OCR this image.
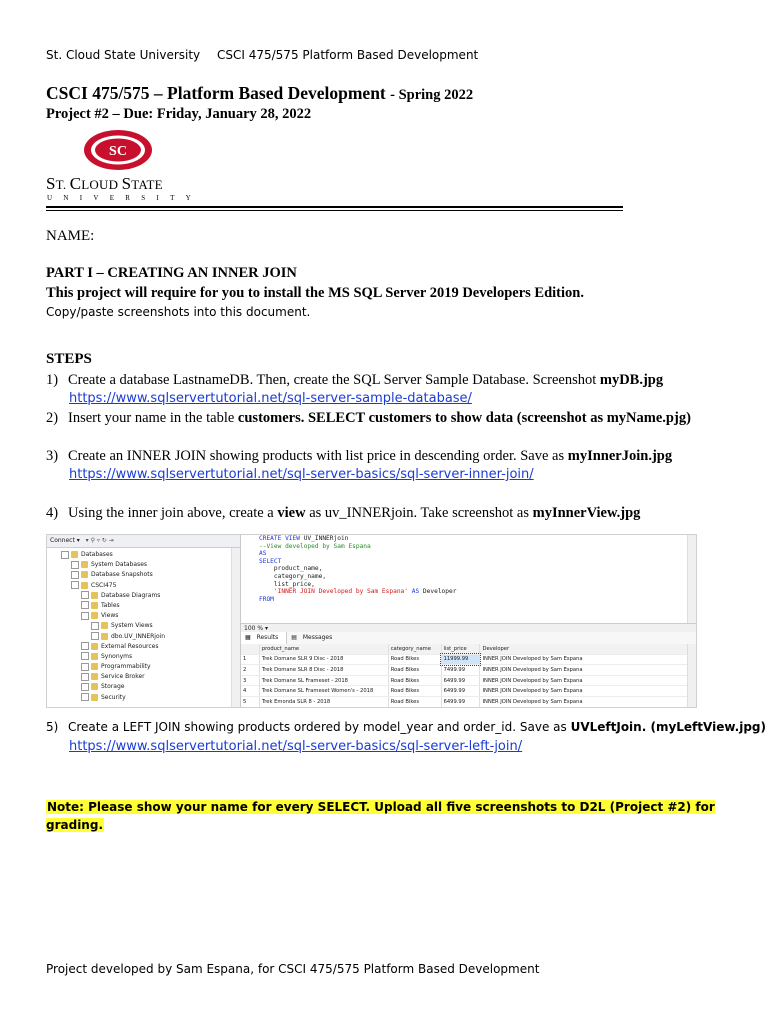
St. Cloud State University CSCI 475/575 Platform Based Development
CSCI 475/575 – Platform Based Development - Spring 2022
Project #2 – Due: Friday, January 28, 2022
SC
ST. CLOUD STATE
UNIVERSITY
NAME:
PART I – CREATING AN INNER JOIN
This project will require for you to install the MS SQL Server 2019 Developers Edition.
Copy/paste screenshots into this document.
STEPS
1) Create a database LastnameDB. Then, create the SQL Server Sample Database. Screenshot myDB.jpg
https://www.sqlservertutorial.net/sql-server-sample-database/
2) Insert your name in the table customers. SELECT customers to show data (screenshot as myName.pjg)
3) Create an INNER JOIN showing products with list price in descending order. Save as myInnerJoin.jpg
https://www.sqlservertutorial.net/sql-server-basics/sql-server-inner-join/
4) Using the inner join above, create a view as uv_INNERjoin. Take screenshot as myInnerView.jpg
Connect ▾ ▾ ⚲ ▿ ↻ ⇥
Databases
System Databases
Database Snapshots
CSCI475
Database Diagrams
Tables
Views
System Views
dbo.UV_INNERjoin
External Resources
Synonyms
Programmability
Service Broker
Storage
Security
CREATE VIEW UV_INNERjoin
--View developed by Sam Espana
AS
SELECT
product_name,
category_name,
list_price,
'INNER JOIN Developed by Sam Espana' AS Developer
FROM
100 % ▾
▦ Results ▤ Messages
	product_name	category_name	list_price	Developer
1	Trek Domane SLR 9 Disc - 2018	Road Bikes	11999.99	INNER JOIN Developed by Sam Espana
2	Trek Domane SLR 8 Disc - 2018	Road Bikes	7499.99	INNER JOIN Developed by Sam Espana
3	Trek Domane SL Frameset - 2018	Road Bikes	6499.99	INNER JOIN Developed by Sam Espana
4	Trek Domane SL Frameset Women's - 2018	Road Bikes	6499.99	INNER JOIN Developed by Sam Espana
5	Trek Emonda SLR 8 - 2018	Road Bikes	6499.99	INNER JOIN Developed by Sam Espana
5) Create a LEFT JOIN showing products ordered by model_year and order_id. Save as UVLeftJoin. (myLeftView.jpg)
https://www.sqlservertutorial.net/sql-server-basics/sql-server-left-join/
Note: Please show your name for every SELECT. Upload all five screenshots to D2L (Project #2) for grading.
Project developed by Sam Espana, for CSCI 475/575 Platform Based Development
